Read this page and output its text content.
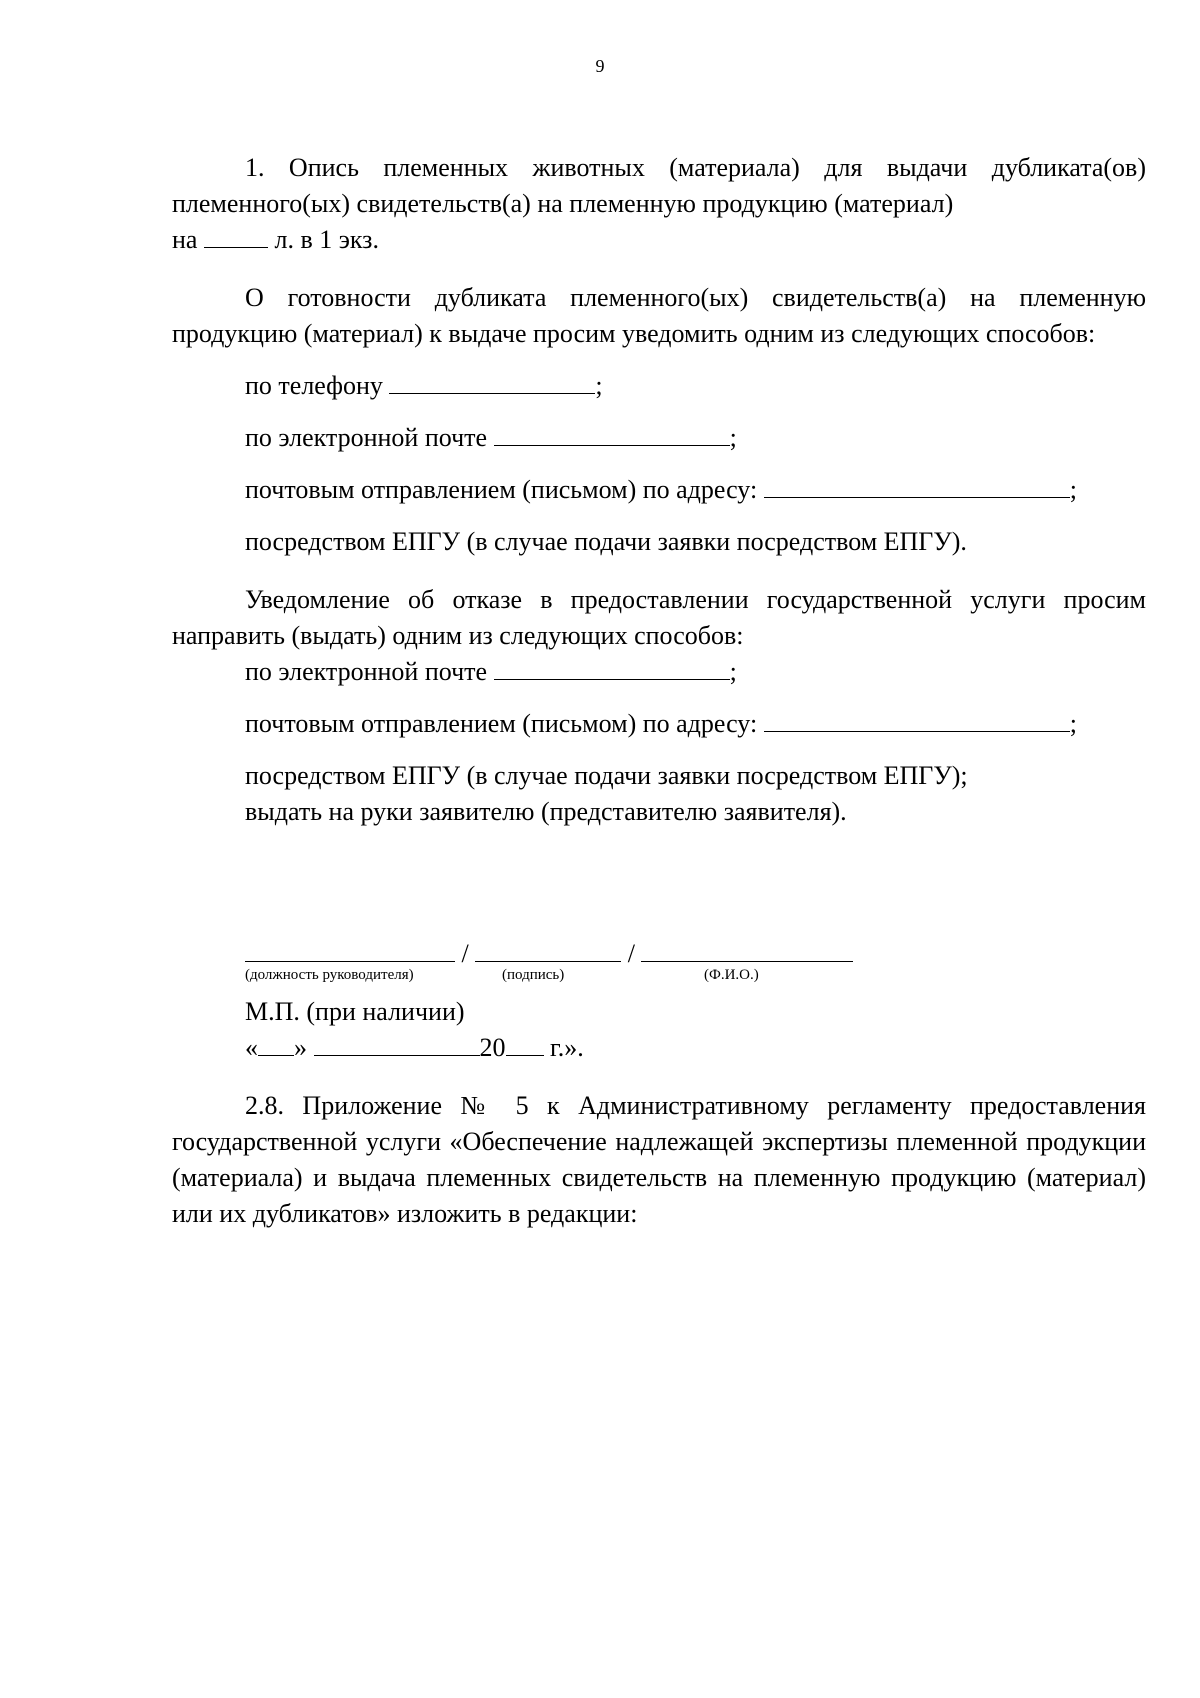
9

1. Опись племенных животных (материала) для выдачи дубликата(ов) племенного(ых) свидетельств(а) на племенную продукцию (материал)

на	л. в 1 экз.

О готовности дубликата племенного(ых) свидетельств(а) на племенную продукцию (материал) к выдаче просим уведомить одним из следующих способов:

по телефону	;

по электронной почте	;

почтовым отправлением (письмом) по адресу:	;

посредством ЕПГУ (в случае подачи заявки посредством ЕПГУ).

Уведомление об отказе в предоставлении государственной услуги просим направить (выдать) одним из следующих способов:

по электронной почте	;

почтовым отправлением (письмом) по адресу:	;

посредством ЕПГУ (в случае подачи заявки посредством ЕПГУ);

выдать на руки заявителю (представителю заявителя).

/	/
(должность руководителя)	(подпись)	(Ф.И.О.)

М.П. (при наличии)

« »	20 г.».

2.8. Приложение № 5 к Административному регламенту предоставления государственной услуги «Обеспечение надлежащей экспертизы племенной продукции (материала) и выдача племенных свидетельств на племенную продукцию (материал) или их дубликатов» изложить в редакции:
